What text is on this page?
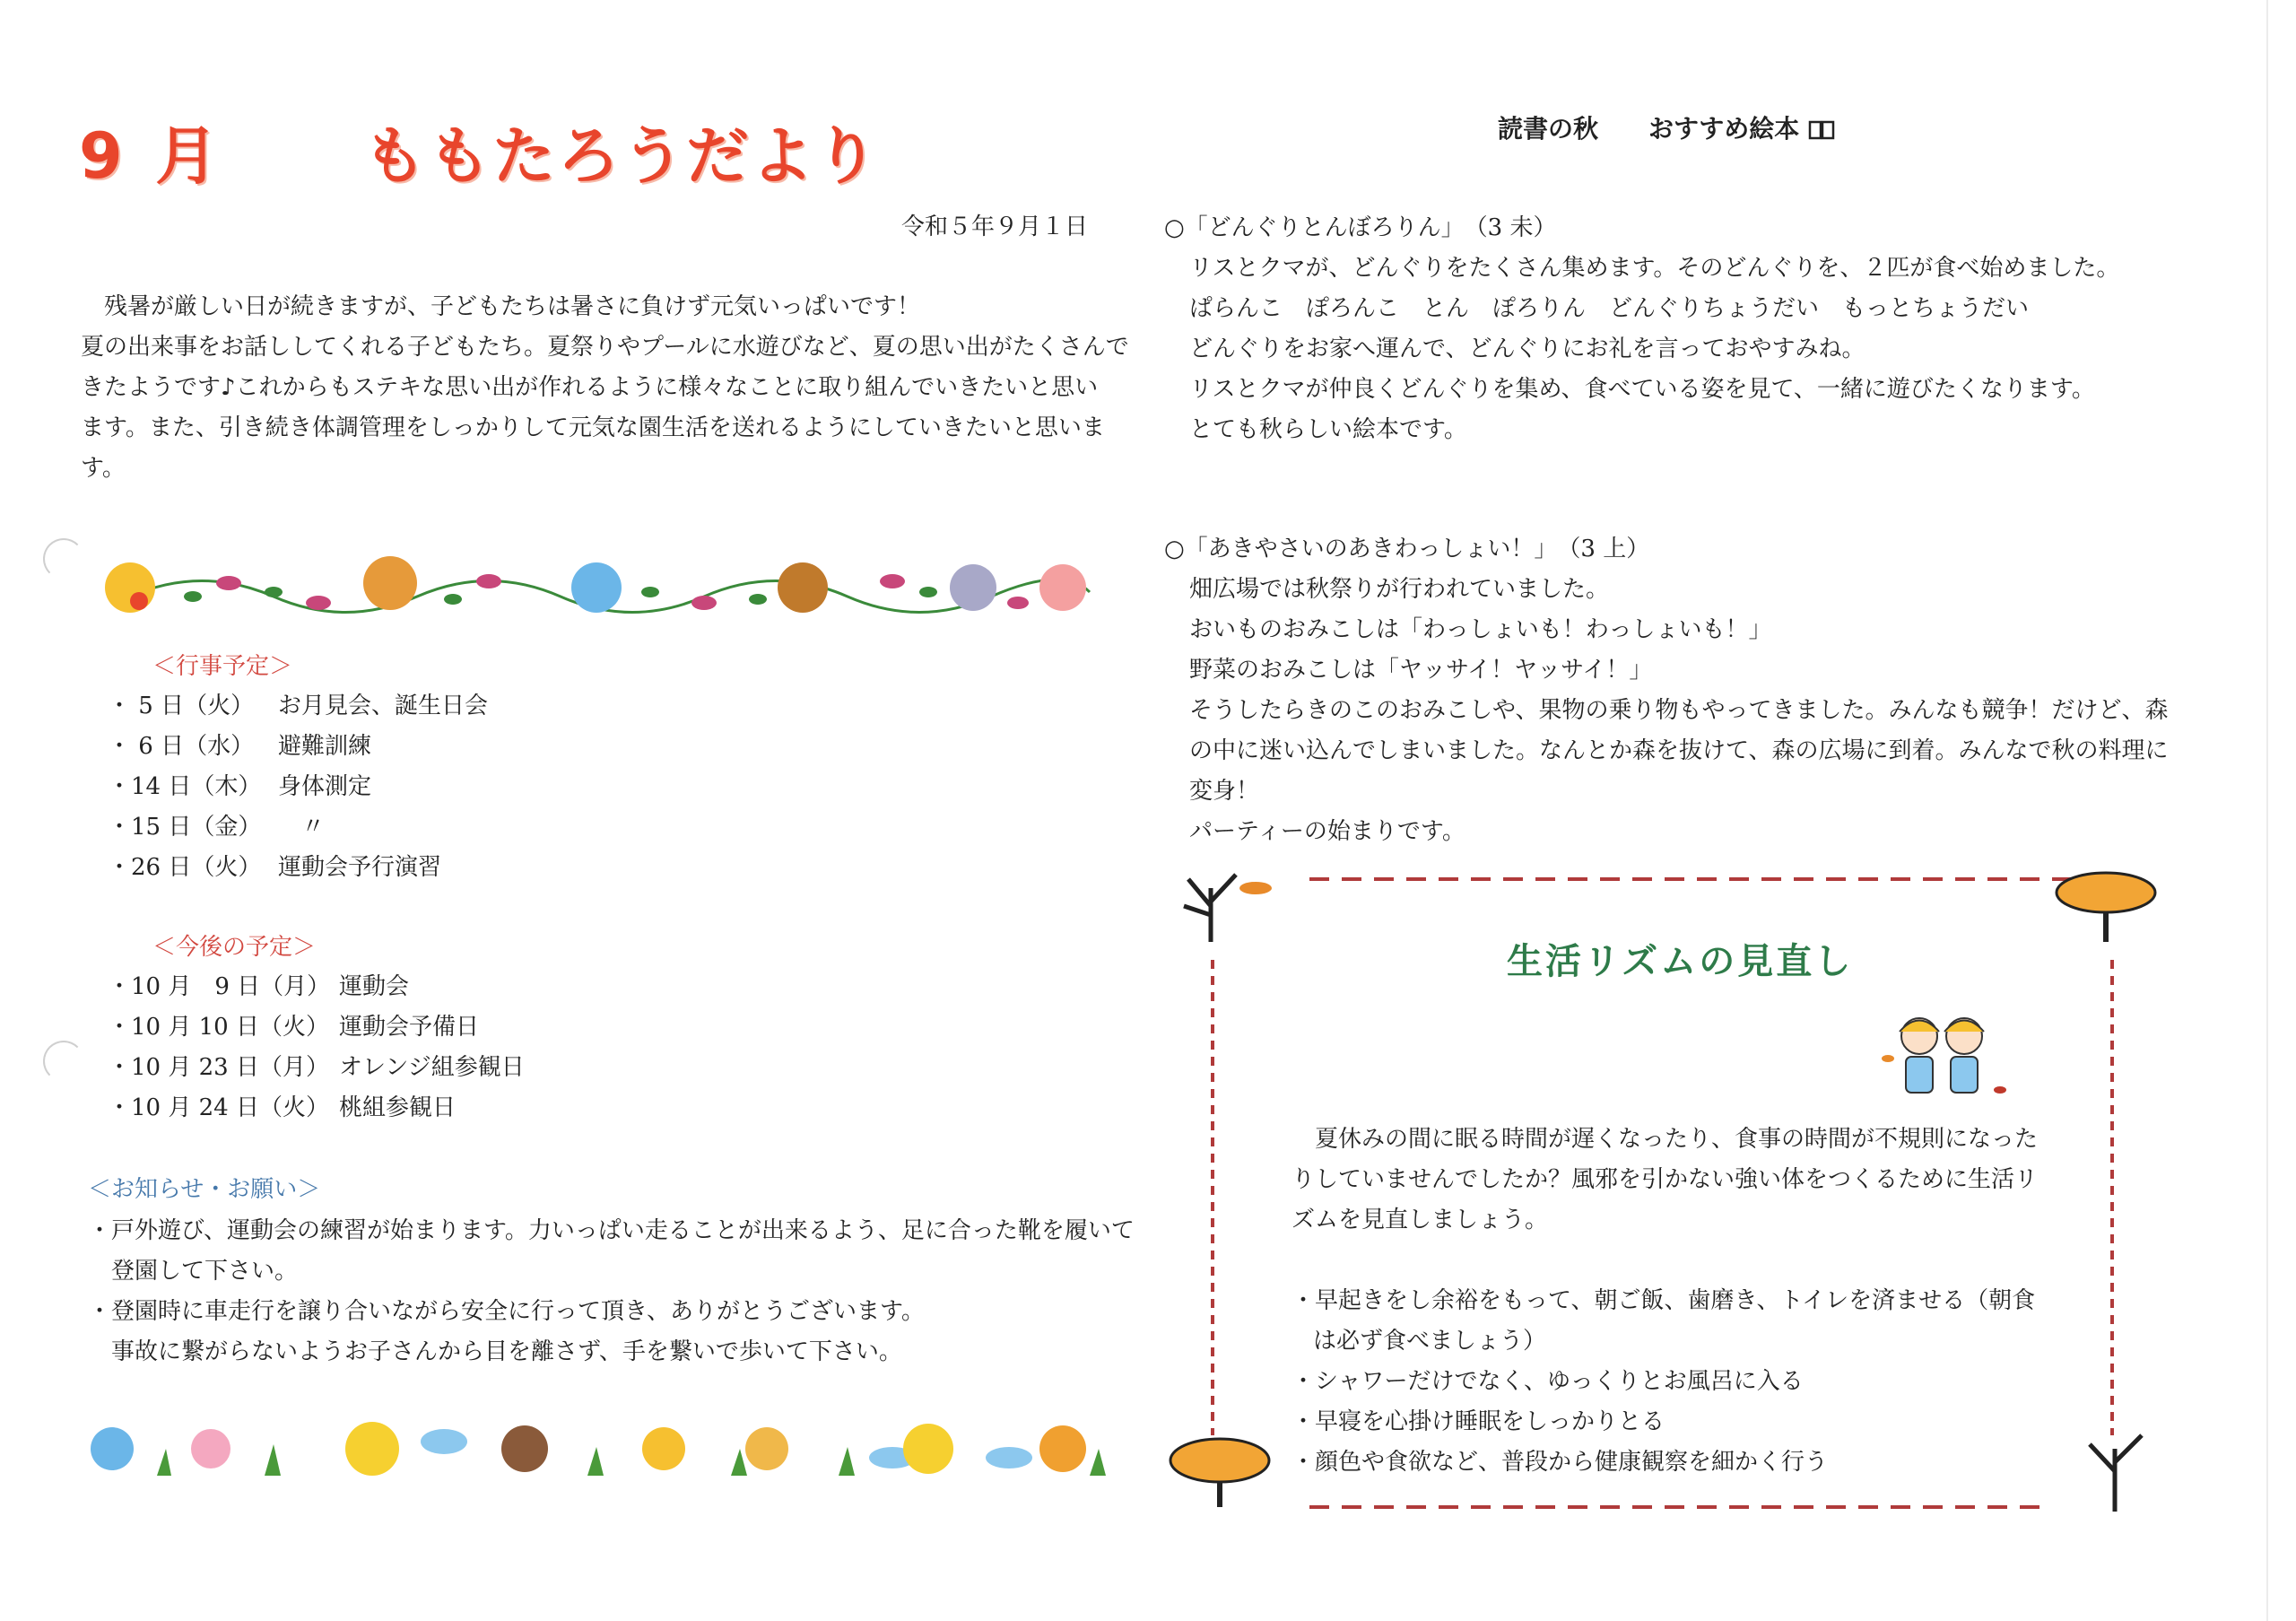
9 月 ももたろうだより
令和５年９月１日

　残暑が厳しい日が続きますが、子どもたちは暑さに負けず元気いっぱいです！

夏の出来事をお話ししてくれる子どもたち。夏祭りやプールに水遊びなど、夏の思い出がたくさんで

きたようです♪これからもステキな思い出が作れるように様々なことに取り組んでいきたいと思い

ます。また、引き続き体調管理をしっかりして元気な園生活を送れるようにしていきたいと思いま

す。

＜行事予定＞
・ 5 日（火）	お月見会、誕生日会
・ 6 日（水）	避難訓練
・14 日（木） 身体測定
・15 日（金） 　〃
・26 日（火） 運動会予行演習
＜今後の予定＞
・10 月　9 日（月） 運動会
・10 月 10 日（火） 運動会予備日
・10 月 23 日（月） オレンジ組参観日
・10 月 24 日（火） 桃組参観日
＜お知らせ・お願い＞

・戸外遊び、運動会の練習が始まります。力いっぱい走ることが出来るよう、足に合った靴を履いて

登園して下さい。

・登園時に車走行を譲り合いながら安全に行って頂き、ありがとうございます。

事故に繋がらないようお子さんから目を離さず、手を繋いで歩いて下さい。

読書の秋　　おすすめ絵本

○「どんぐりとんぼろりん」　（3 未）

リスとクマが、どんぐりをたくさん集めます。そのどんぐりを、２匹が食べ始めました。

ぱらんこ　ぽろんこ　とん　ぽろりん　どんぐりちょうだい　もっとちょうだい

どんぐりをお家へ運んで、どんぐりにお礼を言っておやすみね。

リスとクマが仲良くどんぐりを集め、食べている姿を見て、一緒に遊びたくなります。

とても秋らしい絵本です。

○「あきやさいのあきわっしょい！」　（3 上）

畑広場では秋祭りが行われていました。

おいものおみこしは「わっしょいも！わっしょいも！」

野菜のおみこしは「ヤッサイ！ヤッサイ！」

そうしたらきのこのおみこしや、果物の乗り物もやってきました。みんなも競争！だけど、森

の中に迷い込んでしまいました。なんとか森を抜けて、森の広場に到着。みんなで秋の料理に

変身！

パーティーの始まりです。

生活リズムの見直し

　夏休みの間に眠る時間が遅くなったり、食事の時間が不規則になった

りしていませんでしたか？風邪を引かない強い体をつくるために生活リ

ズムを見直しましょう。

・早起きをし余裕をもって、朝ご飯、歯磨き、トイレを済ませる（朝食

は必ず食べましょう）

・シャワーだけでなく、ゆっくりとお風呂に入る

・早寝を心掛け睡眠をしっかりとる

・顔色や食欲など、普段から健康観察を細かく行う
